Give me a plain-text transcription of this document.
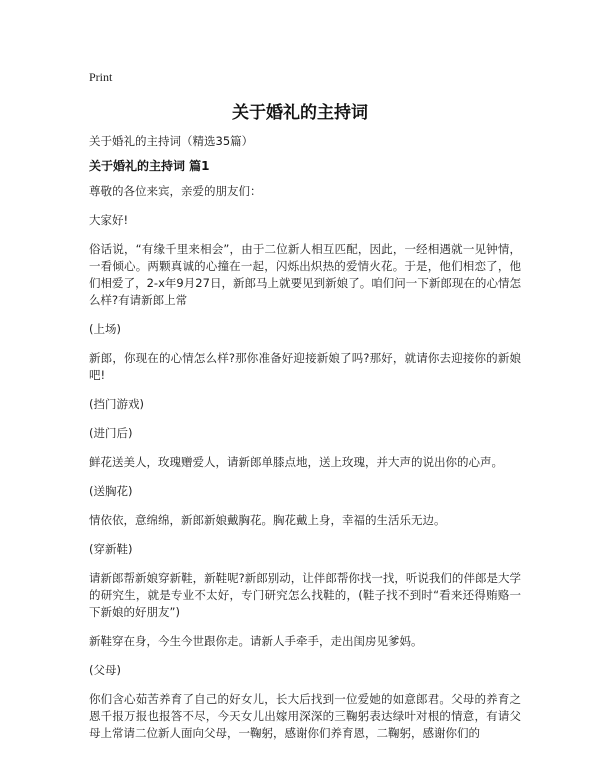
Print
关于婚礼的主持词
关于婚礼的主持词（精选35篇）
关于婚礼的主持词 篇1

尊敬的各位来宾，亲爱的朋友们：

大家好!

俗话说，“有缘千里来相会”，由于二位新人相互匹配，因此，一经相遇就一见钟情，一看倾心。两颗真诚的心撞在一起，闪烁出炽热的爱情火花。于是，他们相恋了，他们相爱了，2-x年9月27日，新郎马上就要见到新娘了。咱们问一下新郎现在的心情怎么样?有请新郎上常

(上场)

新郎，你现在的心情怎么样?那你准备好迎接新娘了吗?那好，就请你去迎接你的新娘吧!

(挡门游戏)

(进门后)

鲜花送美人，玫瑰赠爱人，请新郎单膝点地，送上玫瑰，并大声的说出你的心声。

(送胸花)

情依依，意绵绵，新郎新娘戴胸花。胸花戴上身，幸福的生活乐无边。

(穿新鞋)

请新郎帮新娘穿新鞋，新鞋呢?新郎别动，让伴郎帮你找一找，听说我们的伴郎是大学的研究生，就是专业不太好，专门研究怎么找鞋的，(鞋子找不到时“看来还得贿赂一下新娘的好朋友”)

新鞋穿在身，今生今世跟你走。请新人手牵手，走出闺房见爹妈。

(父母)

你们含心茹苦养育了自己的好女儿，长大后找到一位爱她的如意郎君。父母的养育之恩千报万报也报答不尽，今天女儿出嫁用深深的三鞠躬表达绿叶对根的情意，有请父母上常请二位新人面向父母，一鞠躬，感谢你们养育恩，二鞠躬，感谢你们的
